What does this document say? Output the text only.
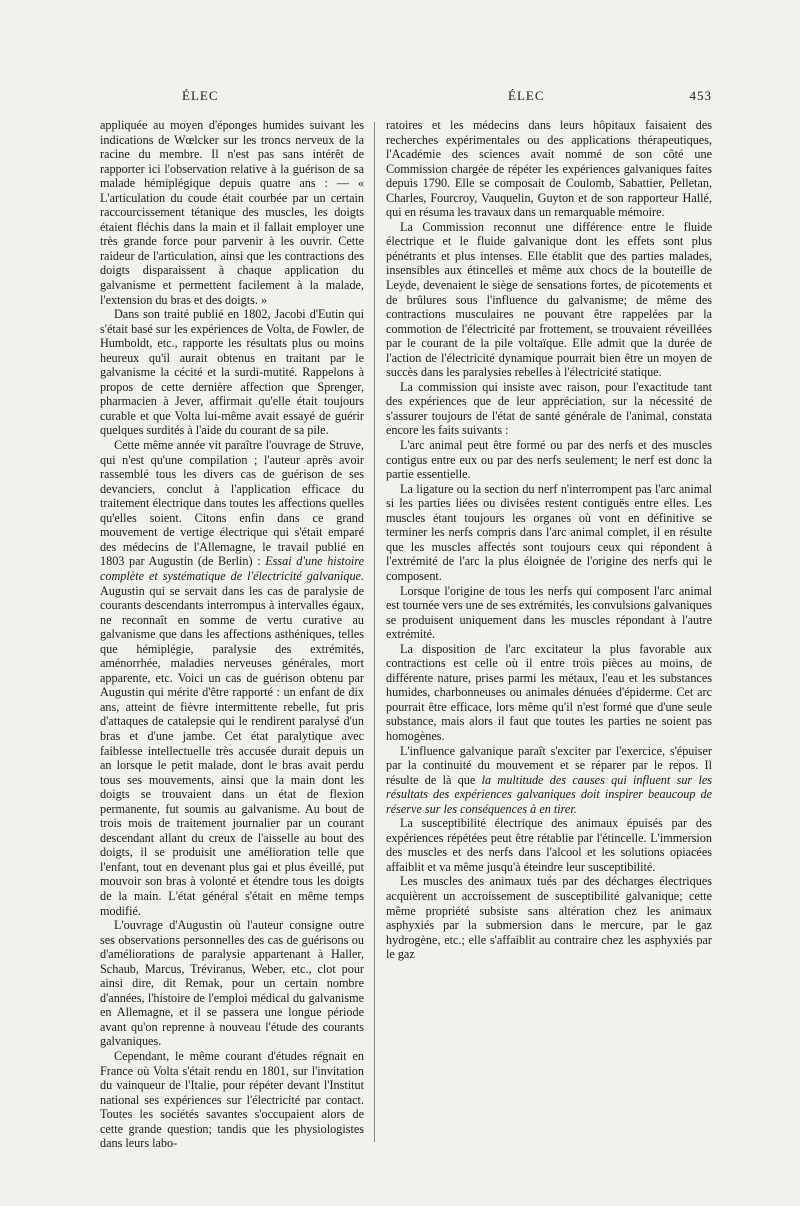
ÉLEC	ÉLEC	453

appliquée au moyen d'éponges humides suivant les indications de Wœlcker sur les troncs nerveux de la racine du membre. Il n'est pas sans intérêt de rapporter ici l'observation relative à la guérison de sa malade hémiplégique depuis quatre ans : — « L'articulation du coude était courbée par un certain raccourcissement tétanique des muscles, les doigts étaient fléchis dans la main et il fallait employer une très grande force pour parvenir à les ouvrir. Cette raideur de l'articulation, ainsi que les contractions des doigts disparaissent à chaque application du galvanisme et permettent facilement à la malade, l'extension du bras et des doigts. »

Dans son traité publié en 1802, Jacobi d'Eutin qui s'était basé sur les expériences de Volta, de Fowler, de Humboldt, etc., rapporte les résultats plus ou moins heureux qu'il aurait obtenus en traitant par le galvanisme la cécité et la surdi-mutité. Rappelons à propos de cette dernière affection que Sprenger, pharmacien à Jever, affirmait qu'elle était toujours curable et que Volta lui-même avait essayé de guérir quelques surdités à l'aide du courant de sa pile.

Cette même année vit paraître l'ouvrage de Struve, qui n'est qu'une compilation ; l'auteur après avoir rassemblé tous les divers cas de guérison de ses devanciers, conclut à l'application efficace du traitement électrique dans toutes les affections quelles qu'elles soient. Citons enfin dans ce grand mouvement de vertige électrique qui s'était emparé des médecins de l'Allemagne, le travail publié en 1803 par Augustin (de Berlin) : Essai d'une histoire complète et systématique de l'électricité galvanique. Augustin qui se servait dans les cas de paralysie de courants descendants interrompus à intervalles égaux, ne reconnaît en somme de vertu curative au galvanisme que dans les affections asthéniques, telles que hémiplégie, paralysie des extrémités, aménorrhée, maladies nerveuses générales, mort apparente, etc. Voici un cas de guérison obtenu par Augustin qui mérite d'être rapporté : un enfant de dix ans, atteint de fièvre intermittente rebelle, fut pris d'attaques de catalepsie qui le rendirent paralysé d'un bras et d'une jambe. Cet état paralytique avec faiblesse intellectuelle très accusée durait depuis un an lorsque le petit malade, dont le bras avait perdu tous ses mouvements, ainsi que la main dont les doigts se trouvaient dans un état de flexion permanente, fut soumis au galvanisme. Au bout de trois mois de traitement journalier par un courant descendant allant du creux de l'aisselle au bout des doigts, il se produisit une amélioration telle que l'enfant, tout en devenant plus gai et plus éveillé, put mouvoir son bras à volonté et étendre tous les doigts de la main. L'état général s'était en même temps modifié.

L'ouvrage d'Augustin où l'auteur consigne outre ses observations personnelles des cas de guérisons ou d'améliorations de paralysie appartenant à Haller, Schaub, Marcus, Tréviranus, Weber, etc., clot pour ainsi dire, dit Remak, pour un certain nombre d'années, l'histoire de l'emploi médical du galvanisme en Allemagne, et il se passera une longue période avant qu'on reprenne à nouveau l'étude des courants galvaniques.

Cependant, le même courant d'études régnait en France où Volta s'était rendu en 1801, sur l'invitation du vainqueur de l'Italie, pour répéter devant l'Institut national ses expériences sur l'électricité par contact. Toutes les sociétés savantes s'occupaient alors de cette grande question; tandis que les physiologistes dans leurs labo-

ratoires et les médecins dans leurs hôpitaux faisaient des recherches expérimentales ou des applications thérapeutiques, l'Académie des sciences avait nommé de son côté une Commission chargée de répéter les expériences galvaniques faites depuis 1790. Elle se composait de Coulomb, Sabattier, Pelletan, Charles, Fourcroy, Vauquelin, Guyton et de son rapporteur Hallé, qui en résuma les travaux dans un remarquable mémoire.

La Commission reconnut une différence entre le fluide électrique et le fluide galvanique dont les effets sont plus pénétrants et plus intenses. Elle établit que des parties malades, insensibles aux étincelles et même aux chocs de la bouteille de Leyde, devenaient le siège de sensations fortes, de picotements et de brûlures sous l'influence du galvanisme; de même des contractions musculaires ne pouvant être rappelées par la commotion de l'électricité par frottement, se trouvaient réveillées par le courant de la pile voltaïque. Elle admit que la durée de l'action de l'électricité dynamique pourrait bien être un moyen de succès dans les paralysies rebelles à l'électricité statique.

La commission qui insiste avec raison, pour l'exactitude tant des expériences que de leur appréciation, sur la nécessité de s'assurer toujours de l'état de santé générale de l'animal, constata encore les faits suivants :

L'arc animal peut être formé ou par des nerfs et des muscles contigus entre eux ou par des nerfs seulement; le nerf est donc la partie essentielle.

La ligature ou la section du nerf n'interrompent pas l'arc animal si les parties liées ou divisées restent contiguës entre elles. Les muscles étant toujours les organes où vont en définitive se terminer les nerfs compris dans l'arc animal complet, il en résulte que les muscles affectés sont toujours ceux qui répondent à l'extrémité de l'arc la plus éloignée de l'origine des nerfs qui le composent.

Lorsque l'origine de tous les nerfs qui composent l'arc animal est tournée vers une de ses extrémités, les convulsions galvaniques se produisent uniquement dans les muscles répondant à l'autre extrémité.

La disposition de l'arc excitateur la plus favorable aux contractions est celle où il entre trois pièces au moins, de différente nature, prises parmi les métaux, l'eau et les substances humides, charbonneuses ou animales dénuées d'épiderme. Cet arc pourrait être efficace, lors même qu'il n'est formé que d'une seule substance, mais alors il faut que toutes les parties ne soient pas homogènes.

L'influence galvanique paraît s'exciter par l'exercice, s'épuiser par la continuité du mouvement et se réparer par le repos. Il résulte de là que la multitude des causes qui influent sur les résultats des expériences galvaniques doit inspirer beaucoup de réserve sur les conséquences à en tirer.

La susceptibilité électrique des animaux épuisés par des expériences répétées peut être rétablie par l'étincelle. L'immersion des muscles et des nerfs dans l'alcool et les solutions opiacées affaiblit et va même jusqu'à éteindre leur susceptibilité.

Les muscles des animaux tués par des décharges électriques acquièrent un accroissement de susceptibilité galvanique; cette même propriété subsiste sans altération chez les animaux asphyxiés par la submersion dans le mercure, par le gaz hydrogène, etc.; elle s'affaiblit au contraire chez les asphyxiés par le gaz
